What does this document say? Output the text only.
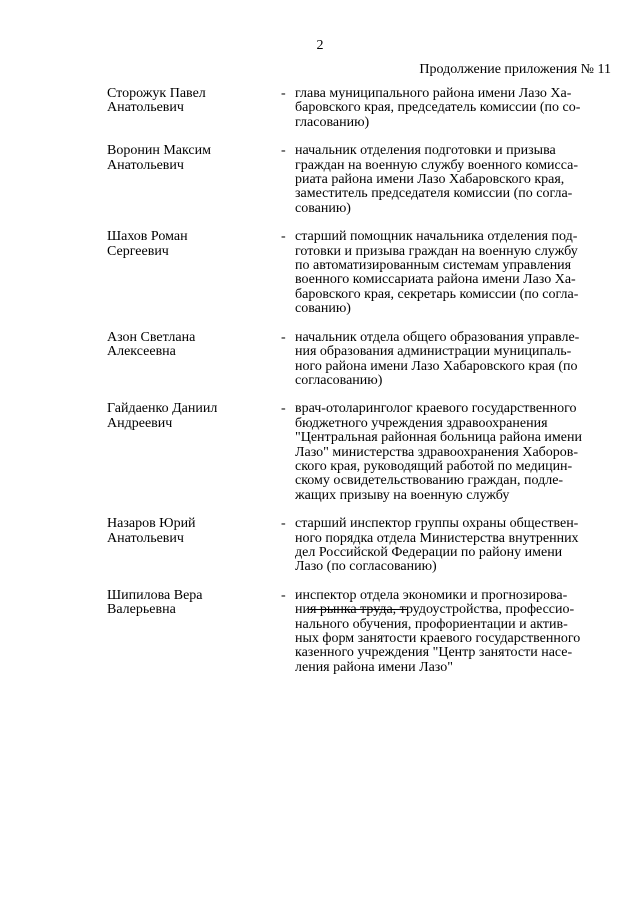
2
Продолжение приложения № 11
Сторожук Павел
Анатольевич
- глава муниципального района имени Лазо Ха-
баровского края, председатель комиссии (по со-
гласованию)
Воронин Максим
Анатольевич
- начальник отделения подготовки и призыва
граждан на военную службу военного комисса-
риата района имени Лазо Хабаровского края,
заместитель председателя комиссии (по согла-
сованию)
Шахов Роман
Сергеевич
- старший помощник начальника отделения под-
готовки и призыва граждан на военную службу
по автоматизированным системам управления
военного комиссариата района имени Лазо Ха-
баровского края, секретарь комиссии (по согла-
сованию)
Азон Светлана
Алексеевна
- начальник отдела общего образования управле-
ния образования администрации муниципаль-
ного района имени Лазо Хабаровского края (по
согласованию)
Гайдаенко Даниил
Андреевич
- врач-отоларинголог краевого государственного
бюджетного учреждения здравоохранения
"Центральная районная больница района имени
Лазо" министерства здравоохранения Хаборов-
ского края, руководящий работой по медицин-
скому освидетельствованию граждан, подле-
жащих призыву на военную службу
Назаров Юрий
Анатольевич
- старший инспектор группы охраны обществен-
ного порядка отдела Министерства внутренних
дел Российской Федерации по району имени
Лазо (по согласованию)
Шипилова Вера
Валерьевна
- инспектор отдела экономики и прогнозирова-
ния рынка труда, трудоустройства, профессио-
нального обучения, профориентации и актив-
ных форм занятости краевого государственного
казенного учреждения "Центр занятости насе-
ления района имени Лазо"
